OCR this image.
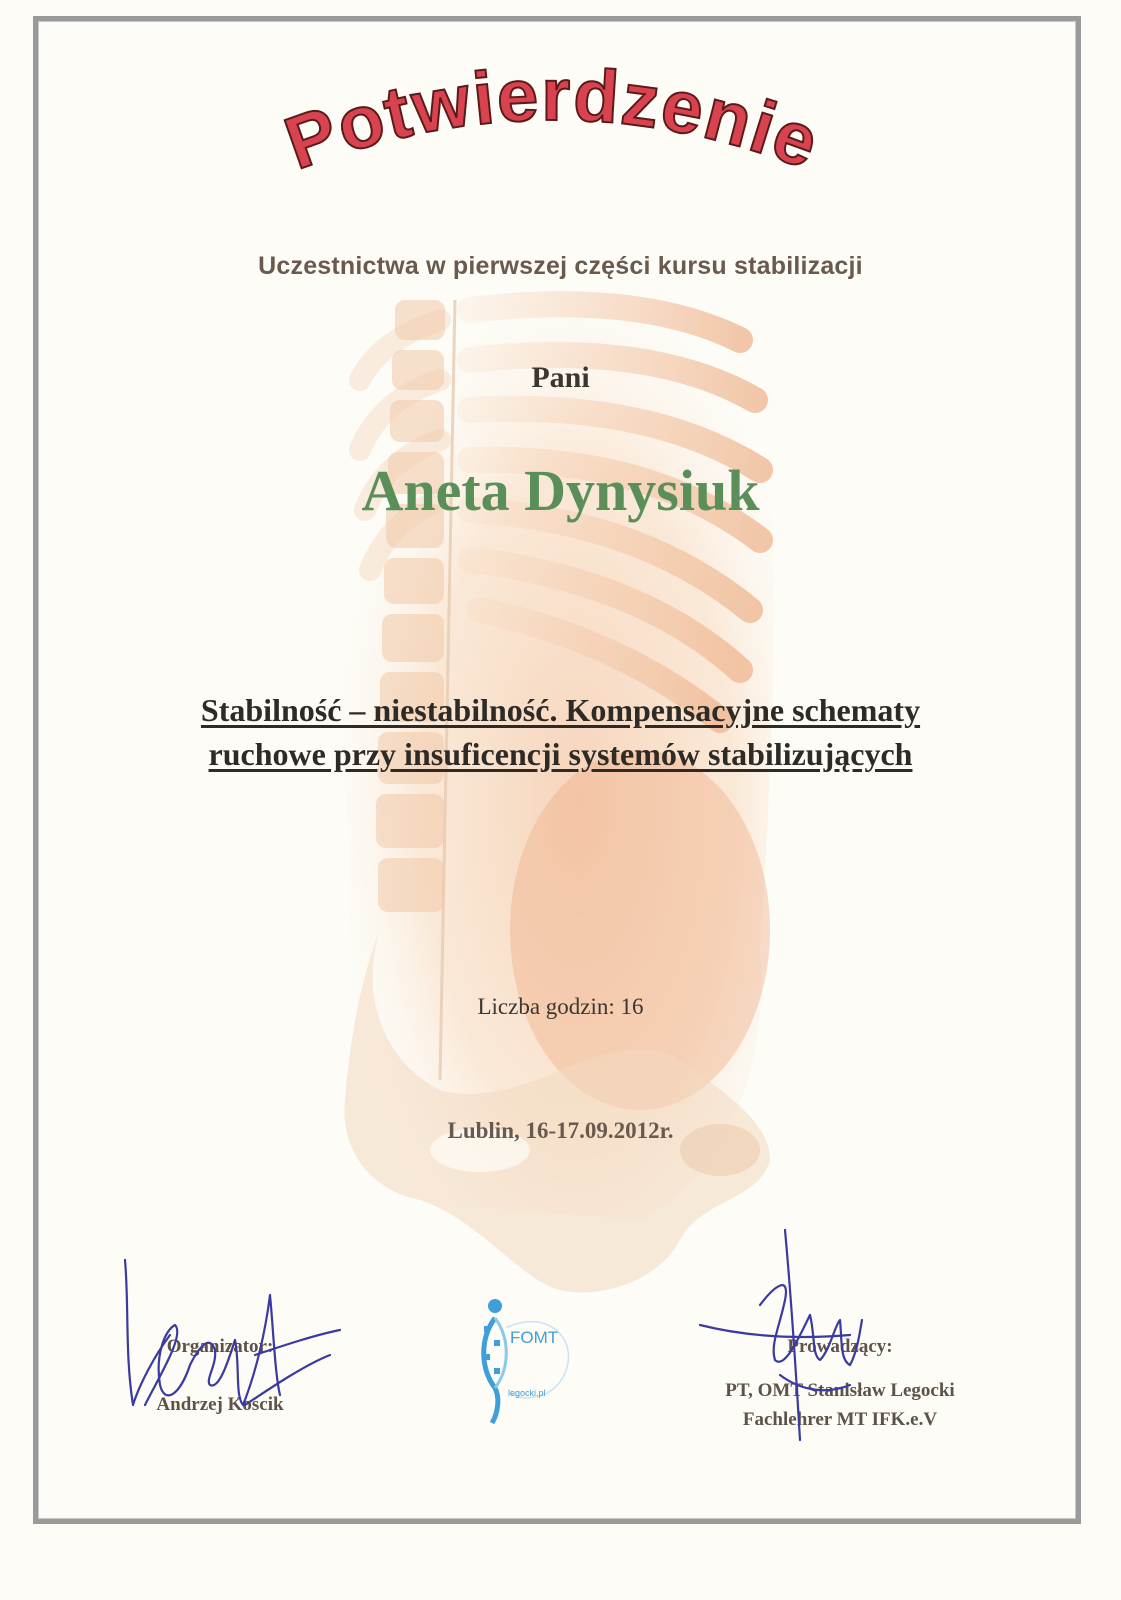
Potwierdzenie
Uczestnictwa w pierwszej części kursu stabilizacji
Pani
Aneta Dynysiuk
Stabilność – niestabilność. Kompensacyjne schematy
ruchowe przy insuficencji systemów stabilizujących
Liczba godzin: 16
Lublin, 16-17.09.2012r.
Organizator:
Andrzej Kościk
FOMT
legocki.pl
Prowadzący:
PT, OMT Stanisław Legocki
Fachlehrer MT IFK.e.V
